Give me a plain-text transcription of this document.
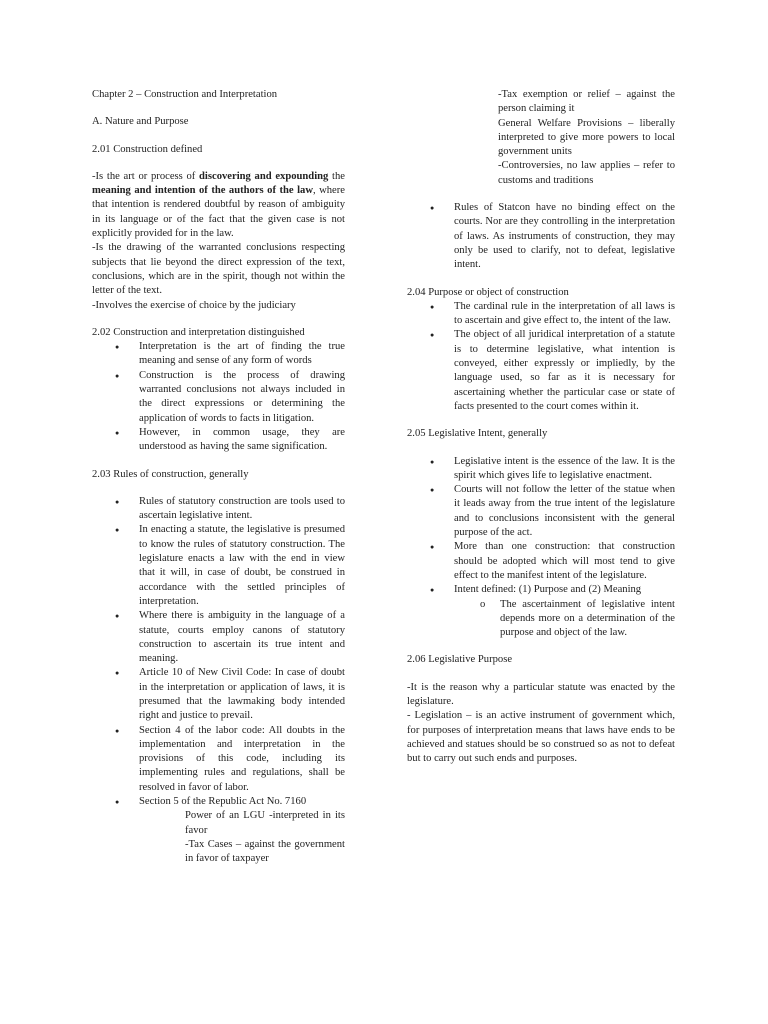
Chapter 2 – Construction and Interpretation

A. Nature and Purpose

2.01 Construction defined

-Is the art or process of discovering and expounding the meaning and intention of the authors of the law, where that intention is rendered doubtful by reason of ambiguity in its language or of the fact that the given case is not explicitly provided for in the law.

-Is the drawing of the warranted conclusions respecting subjects that lie beyond the direct expression of the text, conclusions, which are in the spirit, though not within the letter of the text.

-Involves the exercise of choice by the judiciary

2.02 Construction and interpretation distinguished

● Interpretation is the art of finding the true meaning and sense of any form of words
● Construction is the process of drawing warranted conclusions not always included in the direct expressions or determining the application of words to facts in litigation.
● However, in common usage, they are understood as having the same signification.

2.03 Rules of construction, generally

● Rules of statutory construction are tools used to ascertain legislative intent.
● In enacting a statute, the legislative is presumed to know the rules of statutory construction. The legislature enacts a law with the end in view that it will, in case of doubt, be construed in accordance with the settled principles of interpretation.
● Where there is ambiguity in the language of a statute, courts employ canons of statutory construction to ascertain its true intent and meaning.
● Article 10 of New Civil Code: In case of doubt in the interpretation or application of laws, it is presumed that the lawmaking body intended right and justice to prevail.
● Section 4 of the labor code: All doubts in the implementation and interpretation in the provisions of this code, including its implementing rules and regulations, shall be resolved in favor of labor.
● Section 5 of the Republic Act No. 7160

Power of an LGU -interpreted in its favor

-Tax Cases – against the government in favor of taxpayer

-Tax exemption or relief – against the person claiming it

General Welfare Provisions – liberally interpreted to give more powers to local government units

-Controversies, no law applies – refer to customs and traditions

● Rules of Statcon have no binding effect on the courts. Nor are they controlling in the interpretation of laws. As instruments of construction, they may only be used to clarify, not to defeat, legislative intent.

2.04 Purpose or object of construction

● The cardinal rule in the interpretation of all laws is to ascertain and give effect to, the intent of the law.
● The object of all juridical interpretation of a statute is to determine legislative, what intention is conveyed, either expressly or impliedly, by the language used, so far as it is necessary for ascertaining whether the particular case or state of facts presented to the court comes within it.

2.05 Legislative Intent, generally

● Legislative intent is the essence of the law. It is the spirit which gives life to legislative enactment.
● Courts will not follow the letter of the statue when it leads away from the true intent of the legislature and to conclusions inconsistent with the general purpose of the act.
● More than one construction: that construction should be adopted which will most tend to give effect to the manifest intent of the legislature.
● Intent defined: (1) Purpose and (2) Meaning
o The ascertainment of legislative intent depends more on a determination of the purpose and object of the law.

2.06 Legislative Purpose

-It is the reason why a particular statute was enacted by the legislature.

- Legislation – is an active instrument of government which, for purposes of interpretation means that laws have ends to be achieved and statues should be so construed so as not to defeat but to carry out such ends and purposes.
